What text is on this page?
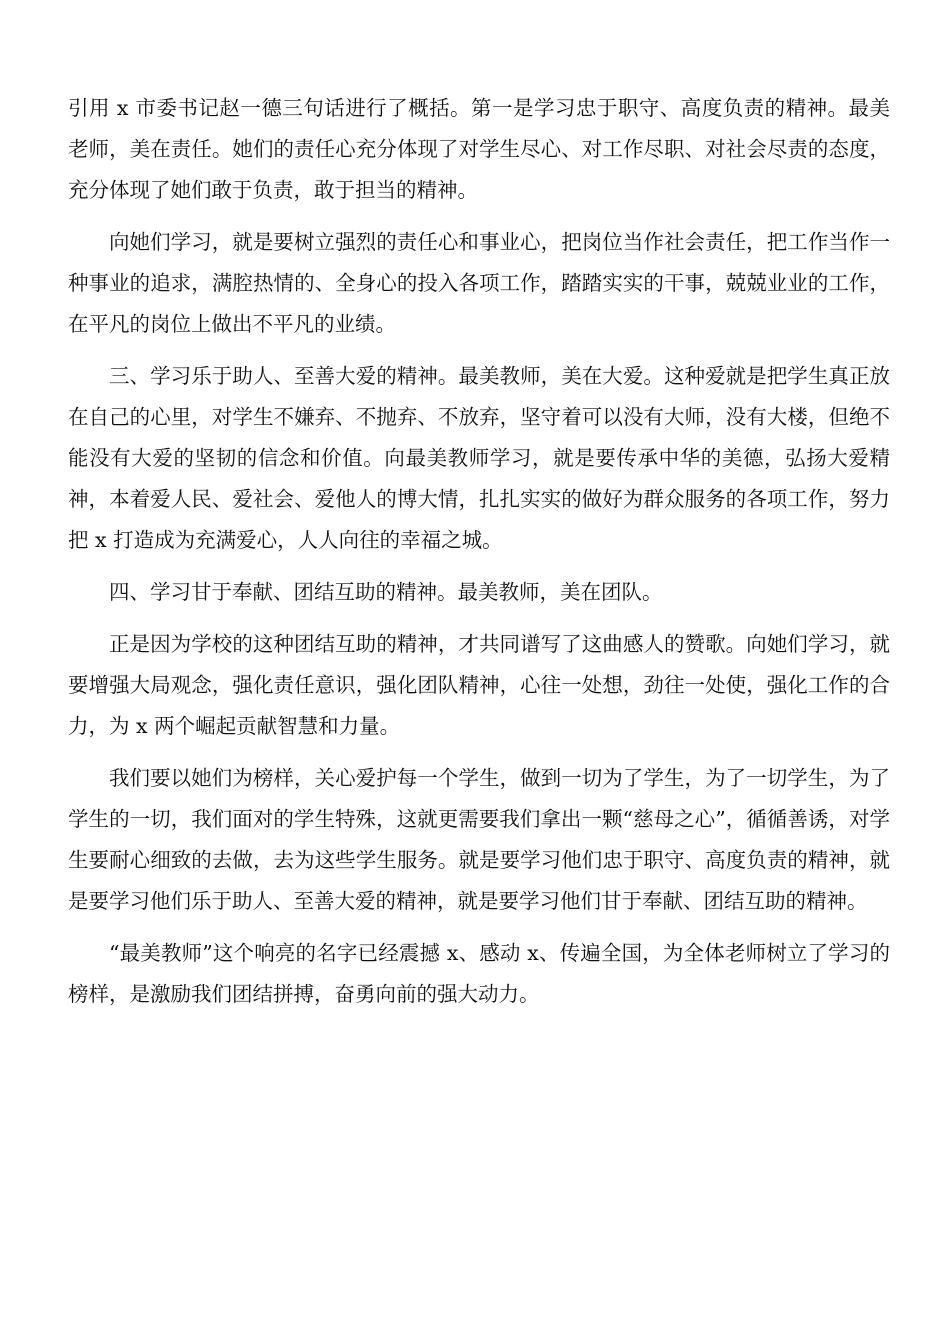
引用 x 市委书记赵一德三句话进行了概括。第一是学习忠于职守、高度负责的精神。最美老师，美在责任。她们的责任心充分体现了对学生尽心、对工作尽职、对社会尽责的态度，充分体现了她们敢于负责，敢于担当的精神。

向她们学习，就是要树立强烈的责任心和事业心，把岗位当作社会责任，把工作当作一种事业的追求，满腔热情的、全身心的投入各项工作，踏踏实实的干事，兢兢业业的工作，在平凡的岗位上做出不平凡的业绩。

三、学习乐于助人、至善大爱的精神。最美教师，美在大爱。这种爱就是把学生真正放在自己的心里，对学生不嫌弃、不抛弃、不放弃，坚守着可以没有大师，没有大楼，但绝不能没有大爱的坚韧的信念和价值。向最美教师学习，就是要传承中华的美德，弘扬大爱精神，本着爱人民、爱社会、爱他人的博大情，扎扎实实的做好为群众服务的各项工作，努力把 x 打造成为充满爱心，人人向往的幸福之城。

四、学习甘于奉献、团结互助的精神。最美教师，美在团队。

正是因为学校的这种团结互助的精神，才共同谱写了这曲感人的赞歌。向她们学习，就要增强大局观念，强化责任意识，强化团队精神，心往一处想，劲往一处使，强化工作的合力，为 x 两个崛起贡献智慧和力量。

我们要以她们为榜样，关心爱护每一个学生，做到一切为了学生，为了一切学生，为了学生的一切，我们面对的学生特殊，这就更需要我们拿出一颗“慈母之心”，循循善诱，对学生要耐心细致的去做，去为这些学生服务。就是要学习他们忠于职守、高度负责的精神，就是要学习他们乐于助人、至善大爱的精神，就是要学习他们甘于奉献、团结互助的精神。

“最美教师”这个响亮的名字已经震撼 x、感动 x、传遍全国，为全体老师树立了学习的榜样，是激励我们团结拼搏，奋勇向前的强大动力。
